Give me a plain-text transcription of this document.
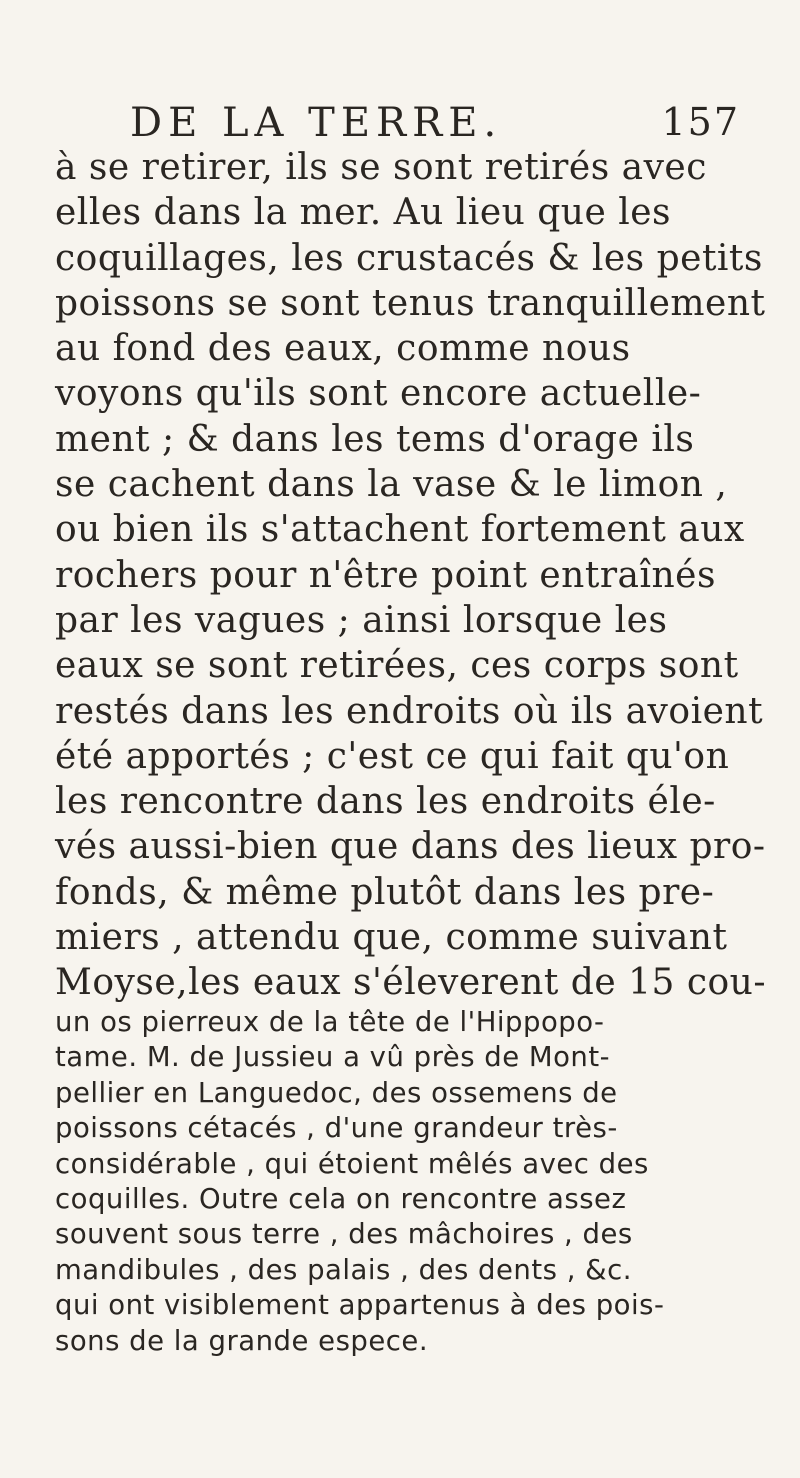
DE LA TERRE.	157
à se retirer, ils se sont retirés avec
elles dans la mer. Au lieu que les
coquillages, les crustacés & les petits
poissons se sont tenus tranquillement
au fond des eaux, comme nous
voyons qu'ils sont encore actuelle-
ment ; & dans les tems d'orage ils
se cachent dans la vase & le limon ,
ou bien ils s'attachent fortement aux
rochers pour n'être point entraînés
par les vagues ; ainsi lorsque les
eaux se sont retirées, ces corps sont
restés dans les endroits où ils avoient
été apportés ; c'est ce qui fait qu'on
les rencontre dans les endroits éle-
vés aussi-bien que dans des lieux pro-
fonds, & même plutôt dans les pre-
miers , attendu que, comme suivant
Moyse,les eaux s'éleverent de 15 cou-
un os pierreux de la tête de l'Hippopo-
tame. M. de Jussieu a vû près de Mont-
pellier en Languedoc, des ossemens de
poissons cétacés , d'une grandeur très-
considérable , qui étoient mêlés avec des
coquilles. Outre cela on rencontre assez
souvent sous terre , des mâchoires , des
mandibules , des palais , des dents , &c.
qui ont visiblement appartenus à des pois-
sons de la grande espece.
